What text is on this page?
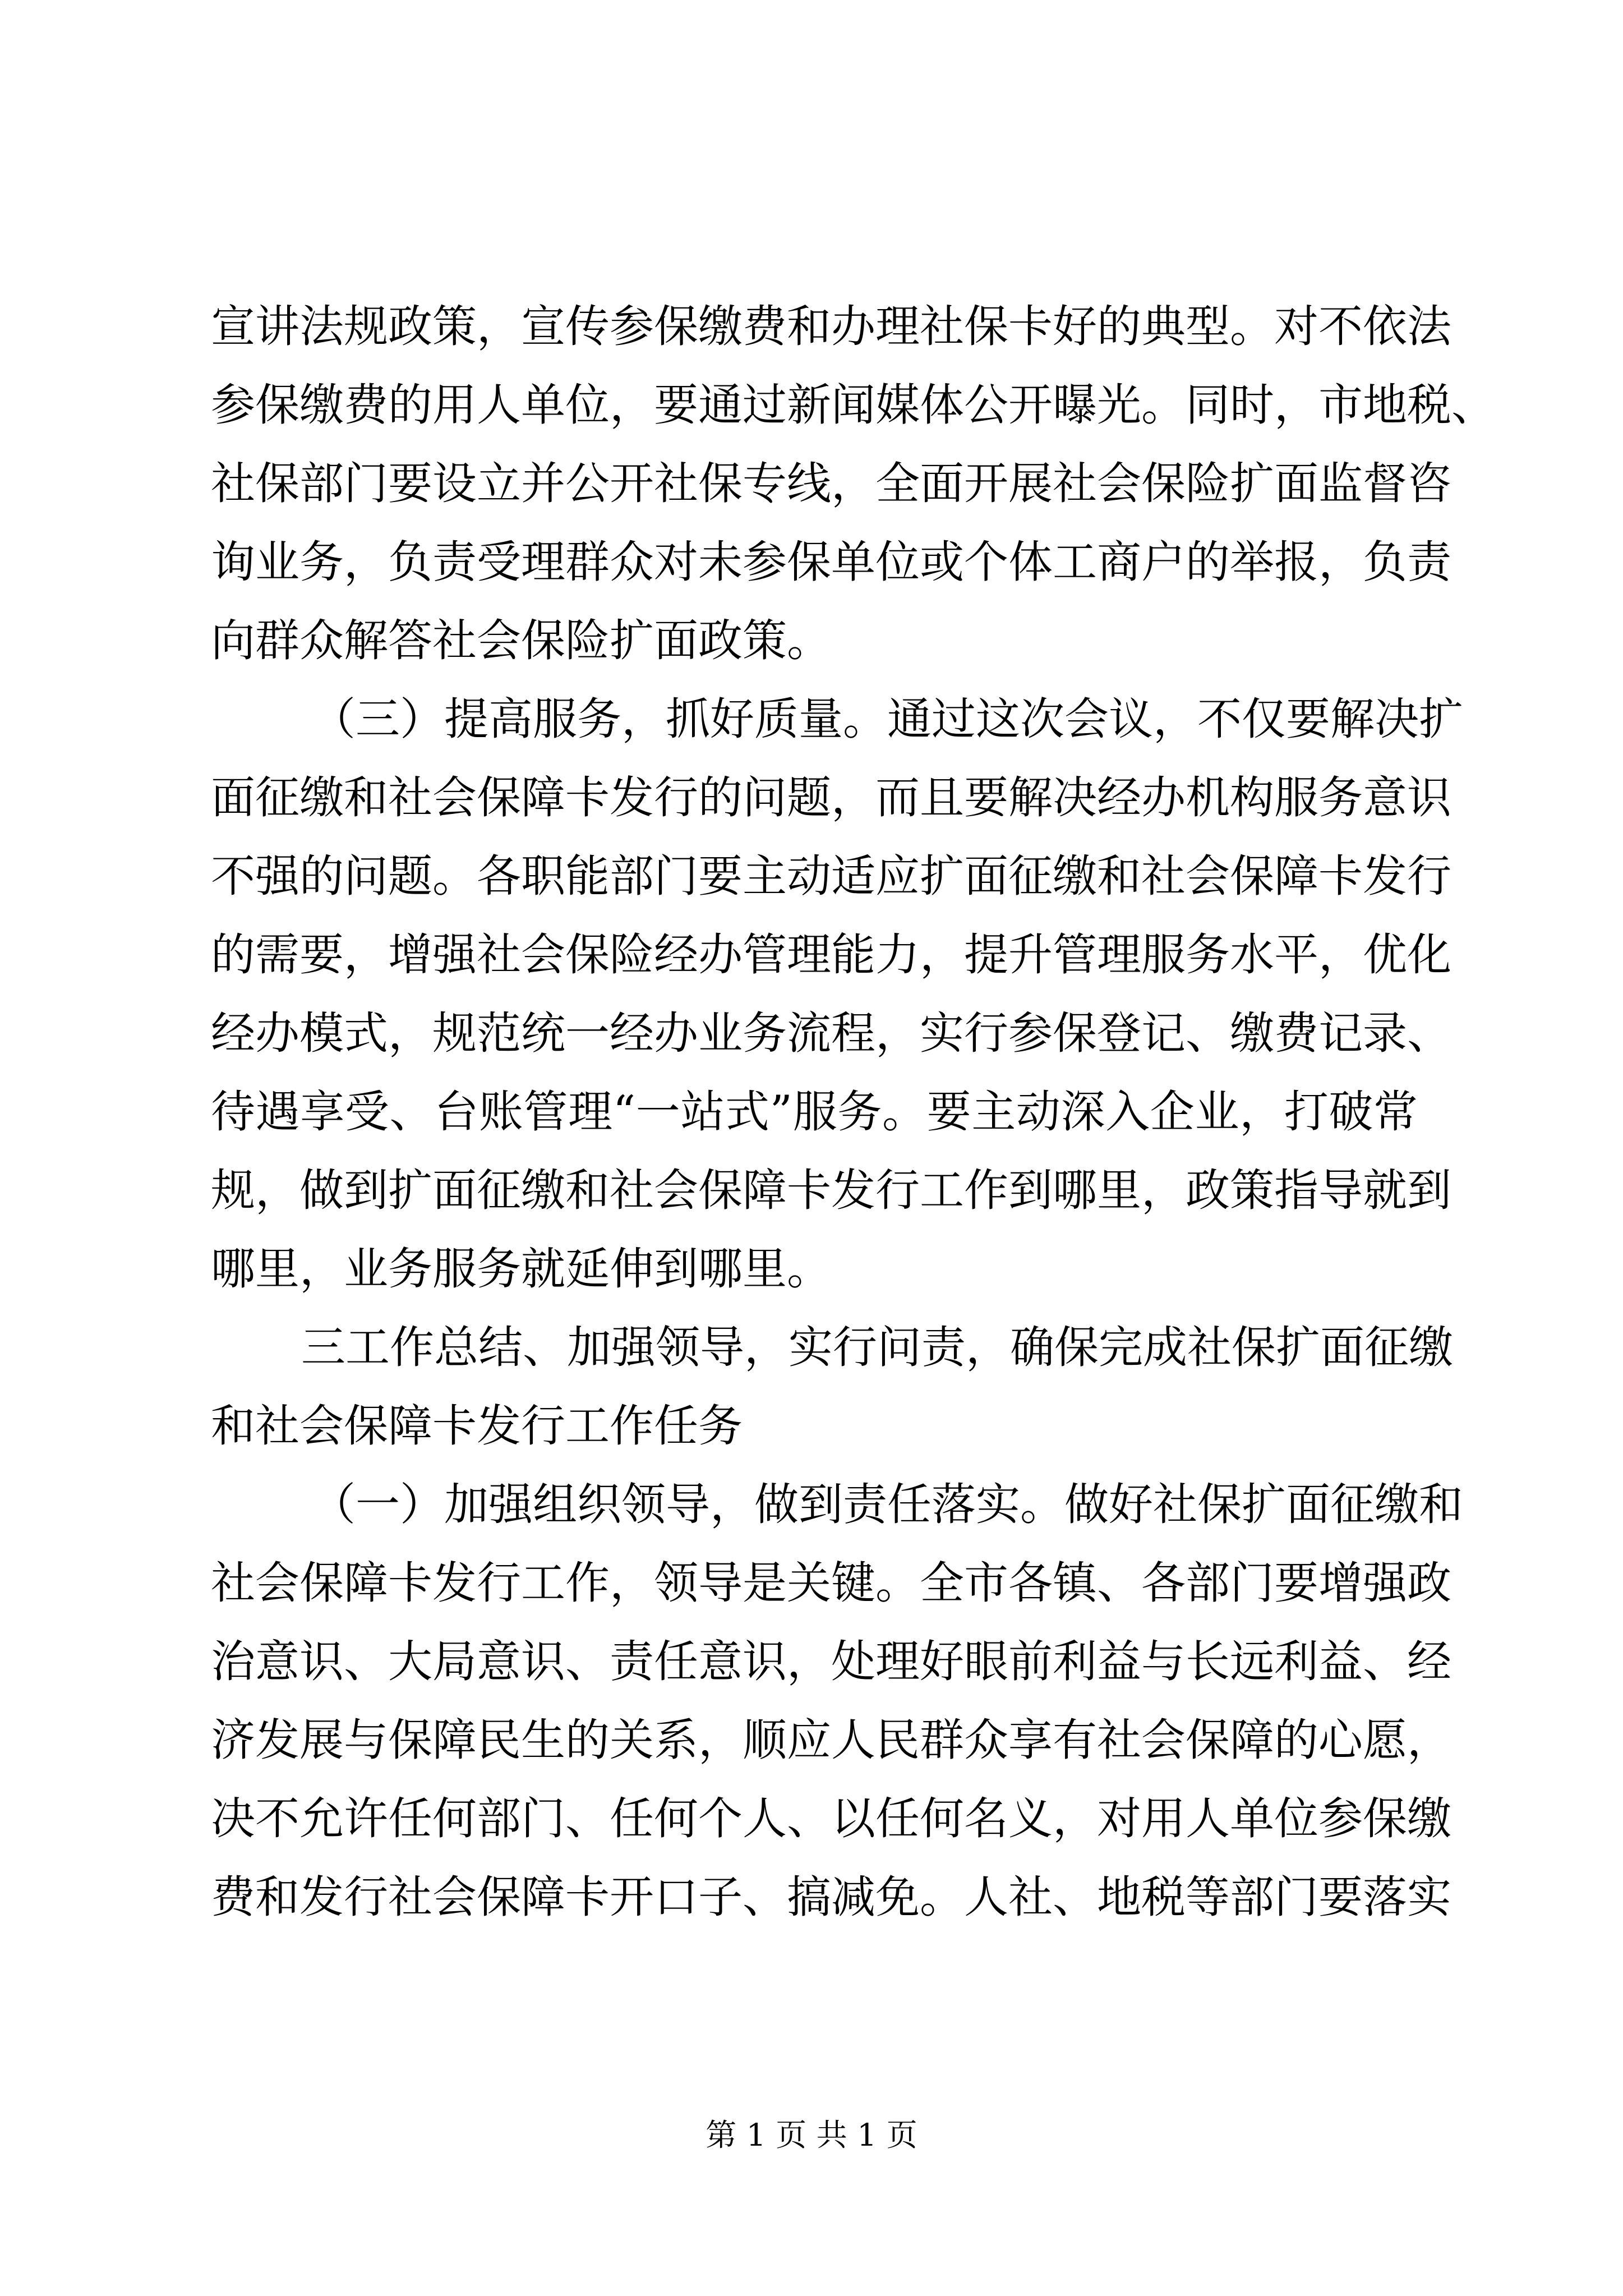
宣讲法规政策，宣传参保缴费和办理社保卡好的典型。对不依法
参保缴费的用人单位，要通过新闻媒体公开曝光。同时，市地税、
社保部门要设立并公开社保专线，全面开展社会保险扩面监督咨
询业务，负责受理群众对未参保单位或个体工商户的举报，负责
向群众解答社会保险扩面政策。
（三）提高服务，抓好质量。通过这次会议，不仅要解决扩
面征缴和社会保障卡发行的问题，而且要解决经办机构服务意识
不强的问题。各职能部门要主动适应扩面征缴和社会保障卡发行
的需要，增强社会保险经办管理能力，提升管理服务水平，优化
经办模式，规范统一经办业务流程，实行参保登记、缴费记录、
待遇享受、台账管理“一站式”服务。要主动深入企业，打破常
规，做到扩面征缴和社会保障卡发行工作到哪里，政策指导就到
哪里，业务服务就延伸到哪里。
三工作总结、加强领导，实行问责，确保完成社保扩面征缴
和社会保障卡发行工作任务
（一）加强组织领导，做到责任落实。做好社保扩面征缴和
社会保障卡发行工作，领导是关键。全市各镇、各部门要增强政
治意识、大局意识、责任意识，处理好眼前利益与长远利益、经
济发展与保障民生的关系，顺应人民群众享有社会保障的心愿，
决不允许任何部门、任何个人、以任何名义，对用人单位参保缴
费和发行社会保障卡开口子、搞减免。人社、地税等部门要落实
第 1 页 共 1 页
